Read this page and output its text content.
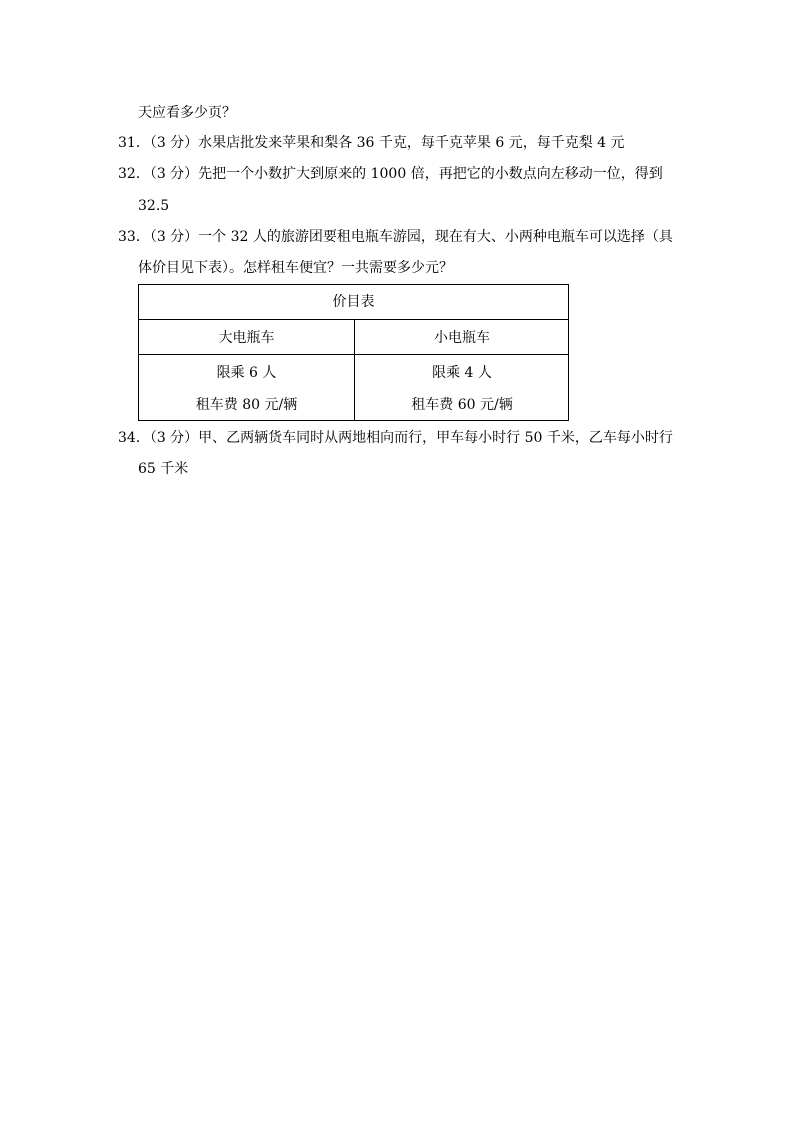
天应看多少页？
31．（3 分）水果店批发来苹果和梨各 36 千克，每千克苹果 6 元，每千克梨 4 元
32．（3 分）先把一个小数扩大到原来的 1000 倍，再把它的小数点向左移动一位，得到
32.5
33．（3 分）一个 32 人的旅游团要租电瓶车游园，现在有大、小两种电瓶车可以选择（具
体价目见下表）。怎样租车便宜？一共需要多少元？
价目表
大电瓶车	小电瓶车
限乘 6 人	限乘 4 人
租车费 80 元/辆	租车费 60 元/辆
34．（3 分）甲、乙两辆货车同时从两地相向而行，甲车每小时行 50 千米，乙车每小时行
65 千米
